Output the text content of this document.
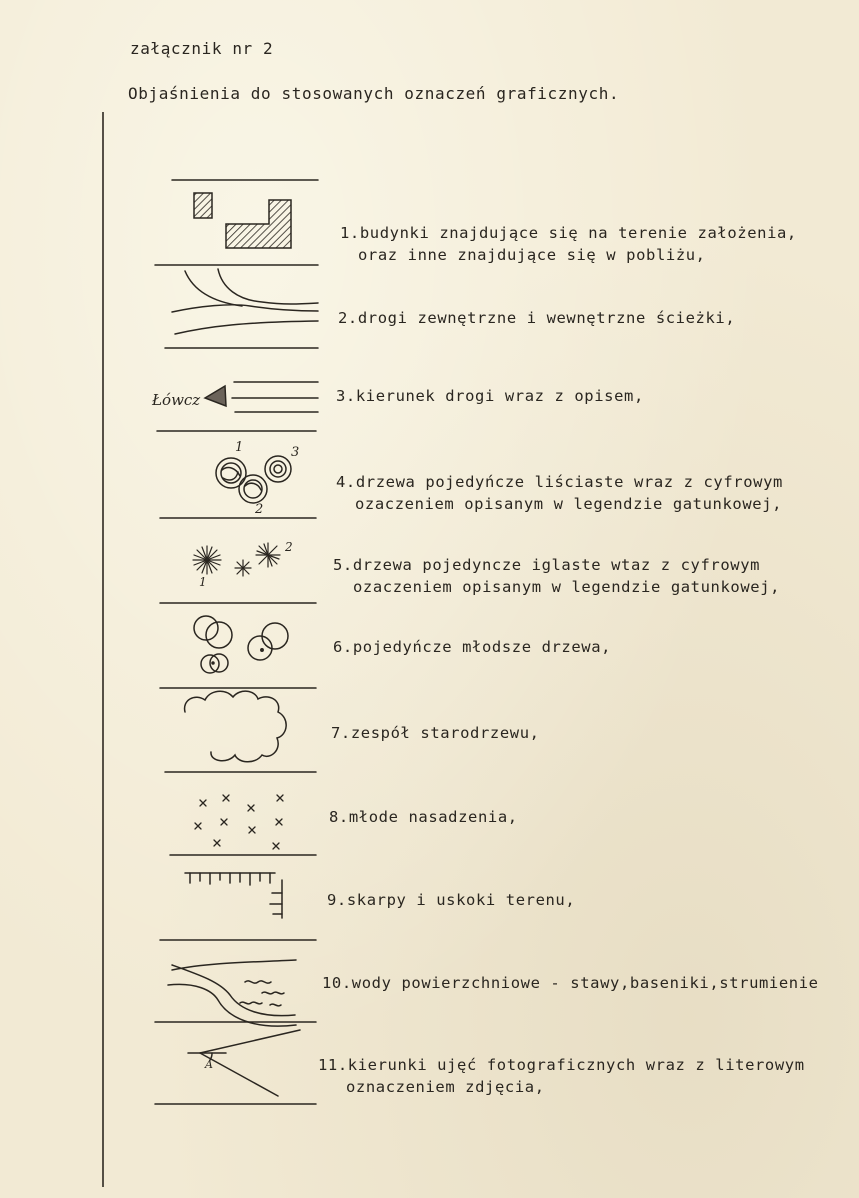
załącznik nr 2
Objaśnienia do stosowanych oznaczeń graficznych.
Łówcz
1	3
2
1
2
A
1.budynki znajdujące się na terenie założenia,
oraz inne znajdujące się w pobliżu,
2.drogi zewnętrzne i wewnętrzne ścieżki,
3.kierunek drogi wraz z opisem,
4.drzewa pojedyńcze liściaste wraz z cyfrowym
ozaczeniem opisanym w legendzie gatunkowej,
5.drzewa pojedyncze iglaste wtaz z cyfrowym
ozaczeniem opisanym w legendzie gatunkowej,
6.pojedyńcze młodsze drzewa,
7.zespół starodrzewu,
8.młode nasadzenia,
9.skarpy i uskoki terenu,
10.wody powierzchniowe - stawy,baseniki,strumienie
11.kierunki ujęć fotograficznych wraz z literowym
oznaczeniem zdjęcia,
